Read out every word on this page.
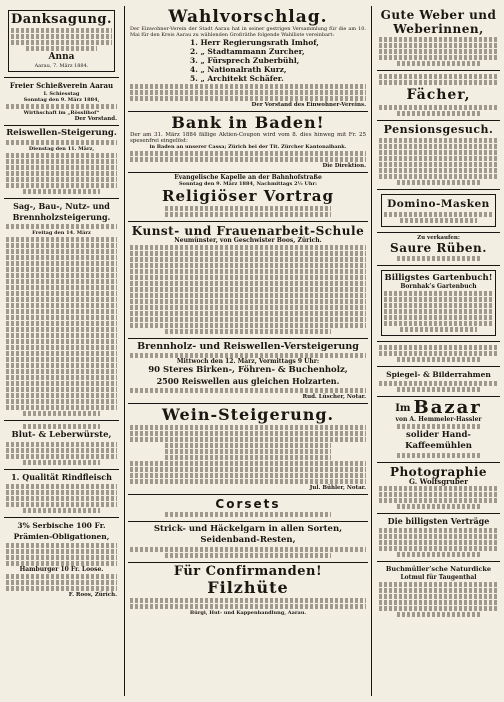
Danksagung.
Anna
Aarau, 7. März 1884.
Freier Schießverein Aarau
I. Schiesstag
Sonntag den 9. März 1884,
Wirthschaft im „Rösslihof“
Der Vorstand.
Reiswellen-Steigerung.
Dienstag den 11. März,
Sag-, Bau-, Nutz- und Brennholzsteigerung.
Freitag den 14. März
Blut- & Leberwürste,
1. Qualität Rindfleisch
3% Serbische 100 Fr. Prämien-Obligationen,
Hamburger 10 Fr. Loose.
F. Roos, Zürich.
Wahlvorschlag.
Der Einwohner-Verein der Stadt Aarau hat in seiner gestrigen Versammlung für die am 10. Mai für den Kreis Aarau zu wählenden Großräthe folgende Wahlliste vereinbart:
1. Herr Regierungsrath Imhof,
2. „ Stadtammann Zurcher,
3. „ Fürsprech Zuberbühl,
4. „ Nationalrath Kurz,
5. „ Architekt Schäfer.
Der Vorstand des Einwohner-Vereins.
Bank in Baden!
Der am 31. März 1884 fällige Aktien-Coupon wird vom 8. dies hinweg mit Fr. 25 spesenfrei eingelöst:
in Baden an unserer Cassa; Zürich bei der Tit. Zürcher Kantonalbank.
Die Direktion.
Evangelische Kapelle an der Bahnhofstraße
Sonntag den 9. März 1884, Nachmittags 2½ Uhr:
Religiöser Vortrag
Kunst- und Frauenarbeit-Schule
Neumünster, von Geschwister Boos, Zürich.
Brennholz- und Reiswellen-Versteigerung
Mittwoch den 12. März, Vormittags 9 Uhr:
90 Steres Birken-, Föhren- & Buchenholz,
2500 Reiswellen aus gleichen Holzarten.
Rud. Lüscher, Notar.
Wein-Steigerung.
Jul. Bühler, Notar.
Corsets
Strick- und Häckelgarn in allen Sorten, Seidenband-Resten,
Für Confirmanden!
Filzhüte
Bürgi, Hut- und Kappenhandlung, Aarau.
Gute Weber und Weberinnen,
Fächer,
Pensionsgesuch.
Domino-Masken
Zu verkaufen:
Saure Rüben.
Billigstes Gartenbuch!
Bornhak’s Gartenbuch
Spiegel- & Bilderrahmen
Im Bazar
von A. Hemmeler-Hassler
solider Hand-Kaffeemühlen
Photographie
G. Wolfsgruber
Die billigsten Verträge
Buchmüller’sche Naturdicke
Lotmul für Taugenthal
